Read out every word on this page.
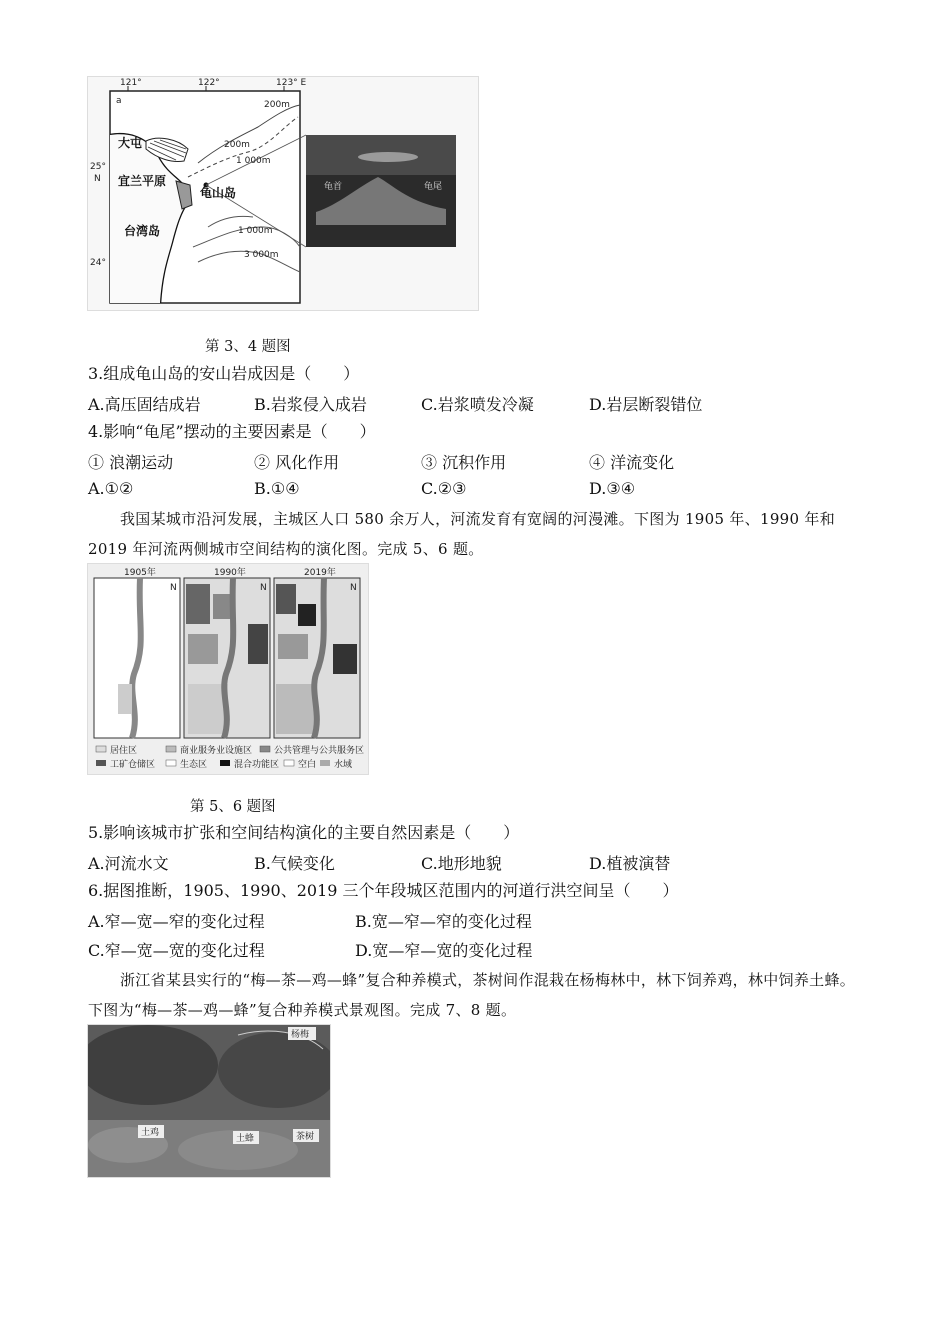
121°	122°	123° E
25°
N
24°
a
大屯
宜兰平原
龟山岛
台湾岛
200m
200m
1 000m
1 000m
3 000m
龟首	龟尾
第 3、4 题图
3.组成龟山岛的安山岩成因是（　　）
A.高压固结成岩	B.岩浆侵入成岩	C.岩浆喷发冷凝	D.岩层断裂错位
4.影响“龟尾”摆动的主要因素是（　　）
① 浪潮运动	② 风化作用	③ 沉积作用	④ 洋流变化
A.①②	B.①④	C.②③	D.③④
我国某城市沿河发展，主城区人口 580 余万人，河流发育有宽阔的河漫滩。下图为 1905 年、1990 年和 2019 年河流两侧城市空间结构的演化图。完成 5、6 题。
N	N	N
1905年	1990年	2019年
居住区	商业服务业设施区 公共管理与公共服务区
工矿仓储区	生态区	混合功能区 空白 水域
第 5、6 题图
5.影响该城市扩张和空间结构演化的主要自然因素是（　　）
A.河流水文	B.气候变化	C.地形地貌	D.植被演替
6.据图推断，1905、1990、2019 三个年段城区范围内的河道行洪空间呈（　　）
A.窄—宽—窄的变化过程	B.宽—窄—窄的变化过程
C.窄—宽—宽的变化过程	D.宽—窄—宽的变化过程
浙江省某县实行的“梅—茶—鸡—蜂”复合种养模式，茶树间作混栽在杨梅林中，林下饲养鸡，林中饲养土蜂。下图为“梅—茶—鸡—蜂”复合种养模式景观图。完成 7、8 题。
杨梅
土鸡
土蜂	茶树
